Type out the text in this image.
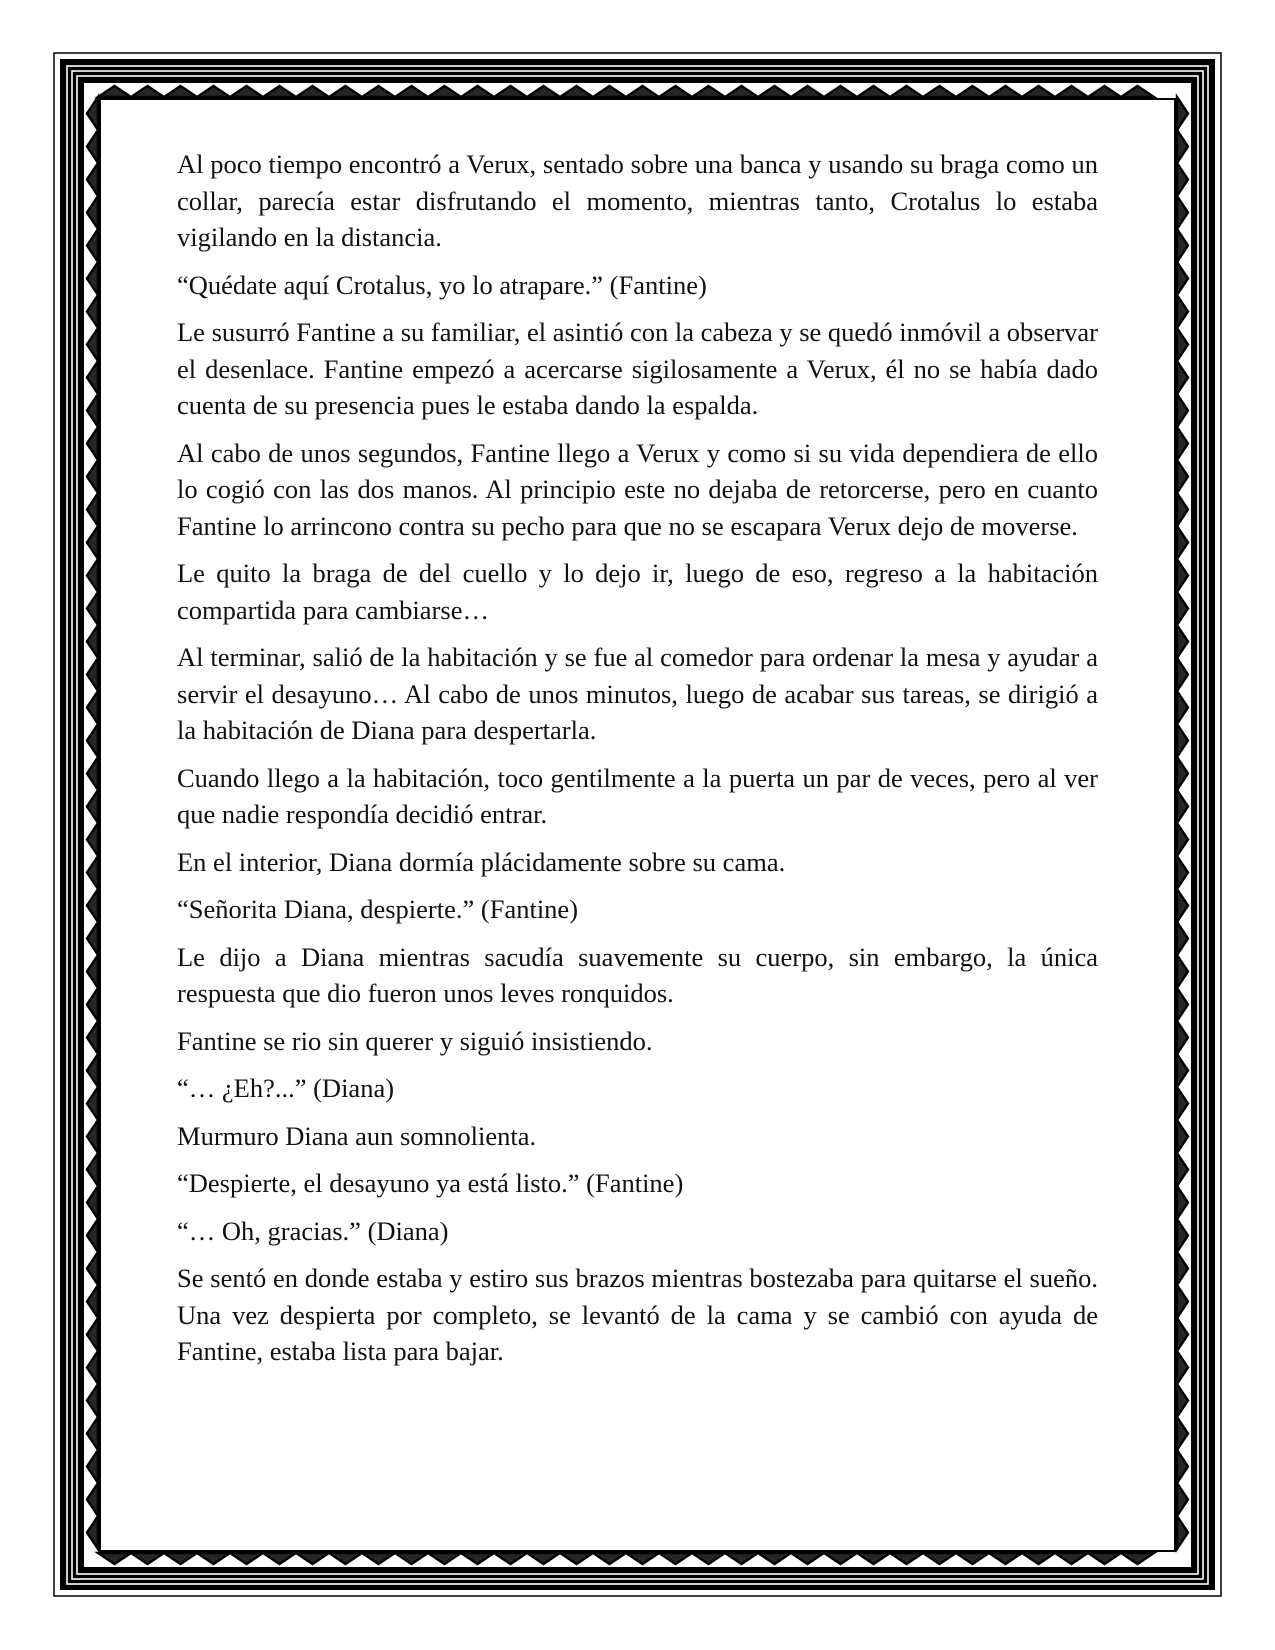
Al poco tiempo encontró a Verux, sentado sobre una banca y usando su braga como un collar, parecía estar disfrutando el momento, mientras tanto, Crotalus lo estaba vigilando en la distancia.

“Quédate aquí Crotalus, yo lo atrapare.” (Fantine)

Le susurró Fantine a su familiar, el asintió con la cabeza y se quedó inmóvil a observar el desenlace. Fantine empezó a acercarse sigilosamente a Verux, él no se había dado cuenta de su presencia pues le estaba dando la espalda.

Al cabo de unos segundos, Fantine llego a Verux y como si su vida dependiera de ello lo cogió con las dos manos. Al principio este no dejaba de retorcerse, pero en cuanto Fantine lo arrincono contra su pecho para que no se escapara Verux dejo de moverse.

Le quito la braga de del cuello y lo dejo ir, luego de eso, regreso a la habitación compartida para cambiarse…

Al terminar, salió de la habitación y se fue al comedor para ordenar la mesa y ayudar a servir el desayuno… Al cabo de unos minutos, luego de acabar sus tareas, se dirigió a la habitación de Diana para despertarla.

Cuando llego a la habitación, toco gentilmente a la puerta un par de veces, pero al ver que nadie respondía decidió entrar.

En el interior, Diana dormía plácidamente sobre su cama.

“Señorita Diana, despierte.” (Fantine)

Le dijo a Diana mientras sacudía suavemente su cuerpo, sin embargo, la única respuesta que dio fueron unos leves ronquidos.

Fantine se rio sin querer y siguió insistiendo.

“… ¿Eh?...” (Diana)

Murmuro Diana aun somnolienta.

“Despierte, el desayuno ya está listo.” (Fantine)

“… Oh, gracias.” (Diana)

Se sentó en donde estaba y estiro sus brazos mientras bostezaba para quitarse el sueño. Una vez despierta por completo, se levantó de la cama y se cambió con ayuda de Fantine, estaba lista para bajar.
